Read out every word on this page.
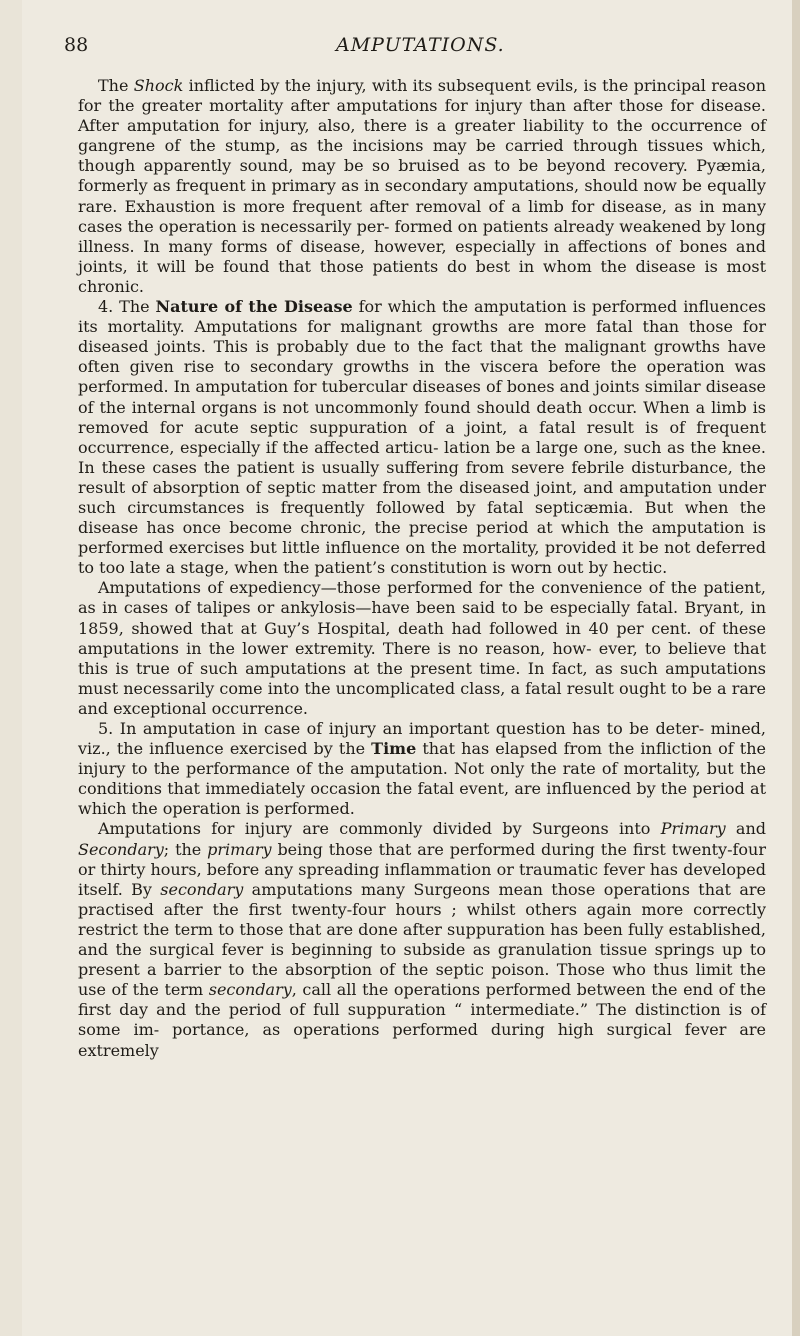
88	AMPUTATIONS.

The Shock inflicted by the injury, with its subsequent evils, is the principal reason for the greater mortality after amputations for injury than after those for disease. After amputation for injury, also, there is a greater liability to the occurrence of gangrene of the stump, as the incisions may be carried through tissues which, though apparently sound, may be so bruised as to be beyond recovery. Pyæmia, formerly as frequent in primary as in secondary amputations, should now be equally rare. Exhaustion is more frequent after removal of a limb for disease, as in many cases the operation is necessarily per- formed on patients already weakened by long illness. In many forms of disease, however, especially in affections of bones and joints, it will be found that those patients do best in whom the disease is most chronic.

4. The Nature of the Disease for which the amputation is performed influences its mortality. Amputations for malignant growths are more fatal than those for diseased joints. This is probably due to the fact that the malignant growths have often given rise to secondary growths in the viscera before the operation was performed. In amputation for tubercular diseases of bones and joints similar disease of the internal organs is not uncommonly found should death occur. When a limb is removed for acute septic suppuration of a joint, a fatal result is of frequent occurrence, especially if the affected articu- lation be a large one, such as the knee. In these cases the patient is usually suffering from severe febrile disturbance, the result of absorption of septic matter from the diseased joint, and amputation under such circumstances is frequently followed by fatal septicæmia. But when the disease has once become chronic, the precise period at which the amputation is performed exercises but little influence on the mortality, provided it be not deferred to too late a stage, when the patient’s constitution is worn out by hectic.

Amputations of expediency—those performed for the convenience of the patient, as in cases of talipes or ankylosis—have been said to be especially fatal. Bryant, in 1859, showed that at Guy’s Hospital, death had followed in 40 per cent. of these amputations in the lower extremity. There is no reason, how- ever, to believe that this is true of such amputations at the present time. In fact, as such amputations must necessarily come into the uncomplicated class, a fatal result ought to be a rare and exceptional occurrence.

5. In amputation in case of injury an important question has to be deter- mined, viz., the influence exercised by the Time that has elapsed from the infliction of the injury to the performance of the amputation. Not only the rate of mortality, but the conditions that immediately occasion the fatal event, are influenced by the period at which the operation is performed.

Amputations for injury are commonly divided by Surgeons into Primary and Secondary; the primary being those that are performed during the first twenty-four or thirty hours, before any spreading inflammation or traumatic fever has developed itself. By secondary amputations many Surgeons mean those operations that are practised after the first twenty-four hours ; whilst others again more correctly restrict the term to those that are done after suppuration has been fully established, and the surgical fever is beginning to subside as granulation tissue springs up to present a barrier to the absorption of the septic poison. Those who thus limit the use of the term secondary, call all the operations performed between the end of the first day and the period of full suppuration “ intermediate.” The distinction is of some im- portance, as operations performed during high surgical fever are extremely
